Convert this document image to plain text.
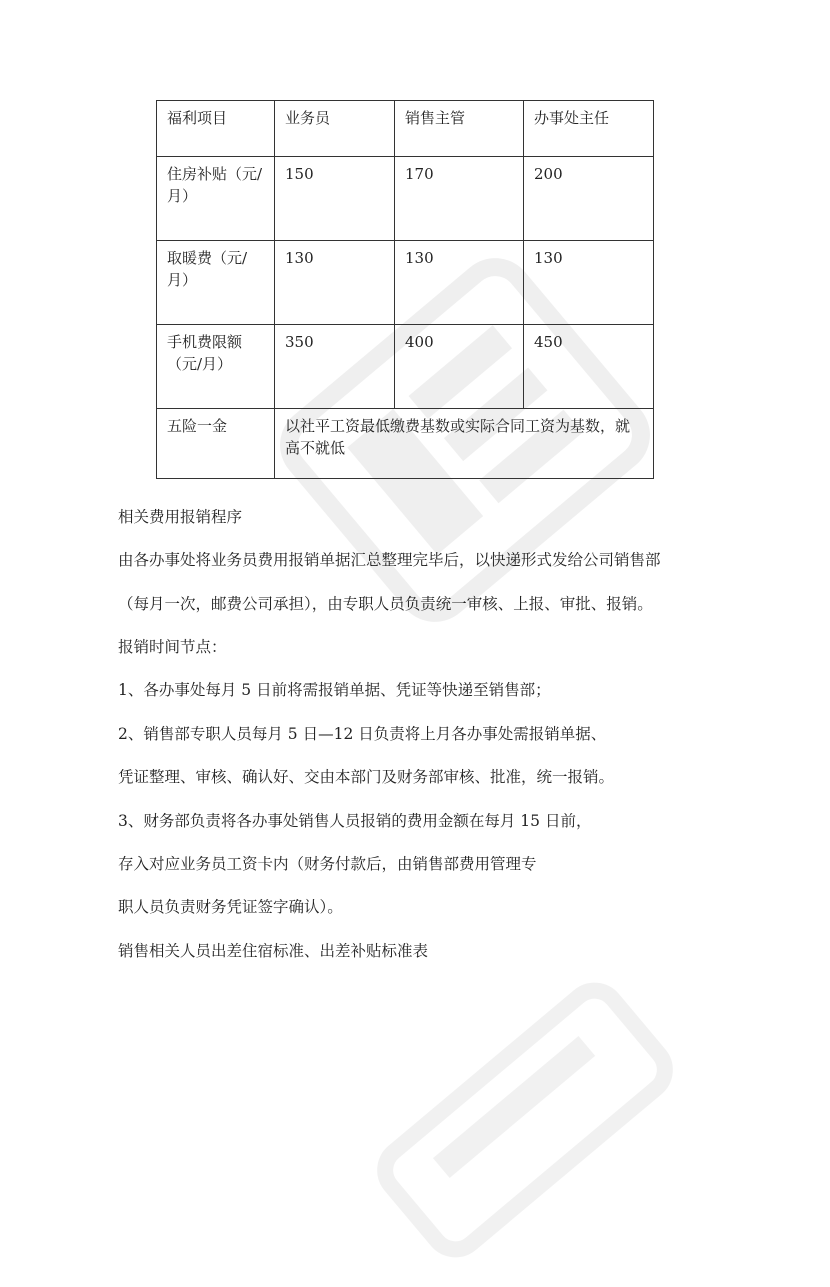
福利项目	业务员	销售主管	办事处主任
住房补贴（元/月）	150	170	200
取暖费（元/月）	130	130	130
手机费限额（元/月）	350	400	450
五险一金	以社平工资最低缴费基数或实际合同工资为基数，就高不就低		

相关费用报销程序

由各办事处将业务员费用报销单据汇总整理完毕后，以快递形式发给公司销售部

（每月一次，邮费公司承担），由专职人员负责统一审核、上报、审批、报销。

报销时间节点：

1、各办事处每月 5 日前将需报销单据、凭证等快递至销售部；

2、销售部专职人员每月 5 日—12 日负责将上月各办事处需报销单据、

凭证整理、审核、确认好、交由本部门及财务部审核、批准，统一报销。

3、财务部负责将各办事处销售人员报销的费用金额在每月 15 日前，

存入对应业务员工资卡内（财务付款后，由销售部费用管理专

职人员负责财务凭证签字确认）。

销售相关人员出差住宿标准、出差补贴标准表
